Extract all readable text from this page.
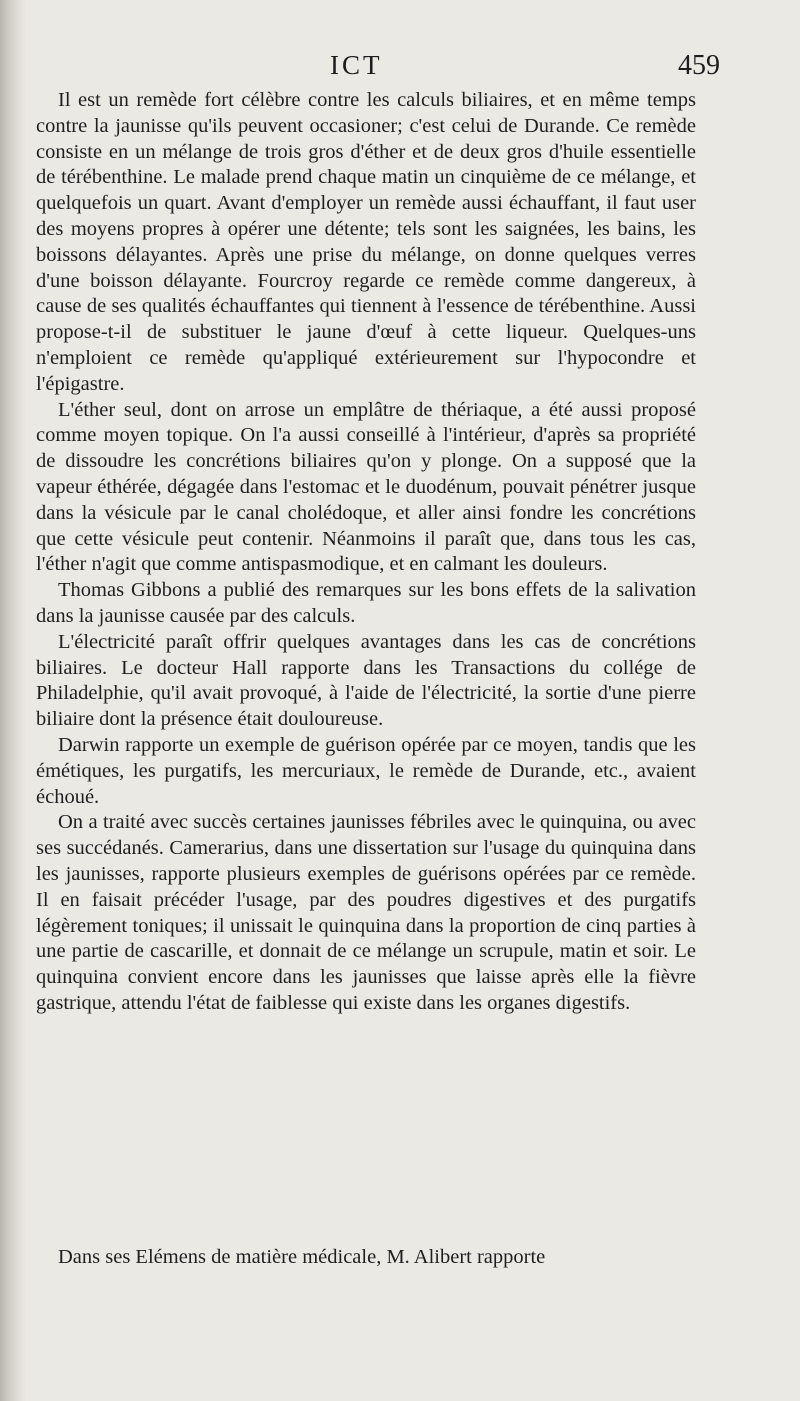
ICT	459

Il est un remède fort célèbre contre les calculs biliaires, et en même temps contre la jaunisse qu'ils peuvent occasioner; c'est celui de Durande. Ce remède consiste en un mélange de trois gros d'éther et de deux gros d'huile essentielle de térébenthine. Le malade prend chaque matin un cinquième de ce mélange, et quelquefois un quart. Avant d'employer un remède aussi échauffant, il faut user des moyens propres à opérer une détente; tels sont les saignées, les bains, les boissons délayantes. Après une prise du mélange, on donne quelques verres d'une boisson délayante. Fourcroy regarde ce remède comme dangereux, à cause de ses qualités échauffantes qui tiennent à l'essence de térébenthine. Aussi propose-t-il de substituer le jaune d'œuf à cette liqueur. Quelques-uns n'emploient ce remède qu'appliqué extérieurement sur l'hypocondre et l'épigastre.

L'éther seul, dont on arrose un emplâtre de thériaque, a été aussi proposé comme moyen topique. On l'a aussi conseillé à l'intérieur, d'après sa propriété de dissoudre les concrétions biliaires qu'on y plonge. On a supposé que la vapeur éthérée, dégagée dans l'estomac et le duodénum, pouvait pénétrer jusque dans la vésicule par le canal cholédoque, et aller ainsi fondre les concrétions que cette vésicule peut contenir. Néanmoins il paraît que, dans tous les cas, l'éther n'agit que comme antispasmodique, et en calmant les douleurs.

Thomas Gibbons a publié des remarques sur les bons effets de la salivation dans la jaunisse causée par des calculs.

L'électricité paraît offrir quelques avantages dans les cas de concrétions biliaires. Le docteur Hall rapporte dans les Transactions du collége de Philadelphie, qu'il avait provoqué, à l'aide de l'électricité, la sortie d'une pierre biliaire dont la présence était douloureuse.

Darwin rapporte un exemple de guérison opérée par ce moyen, tandis que les émétiques, les purgatifs, les mercuriaux, le remède de Durande, etc., avaient échoué.

On a traité avec succès certaines jaunisses fébriles avec le quinquina, ou avec ses succédanés. Camerarius, dans une dissertation sur l'usage du quinquina dans les jaunisses, rapporte plusieurs exemples de guérisons opérées par ce remède. Il en faisait précéder l'usage, par des poudres digestives et des purgatifs légèrement toniques; il unissait le quinquina dans la proportion de cinq parties à une partie de cascarille, et donnait de ce mélange un scrupule, matin et soir. Le quinquina convient encore dans les jaunisses que laisse après elle la fièvre gastrique, attendu l'état de faiblesse qui existe dans les organes digestifs.

Dans ses Elémens de matière médicale, M. Alibert rapporte
